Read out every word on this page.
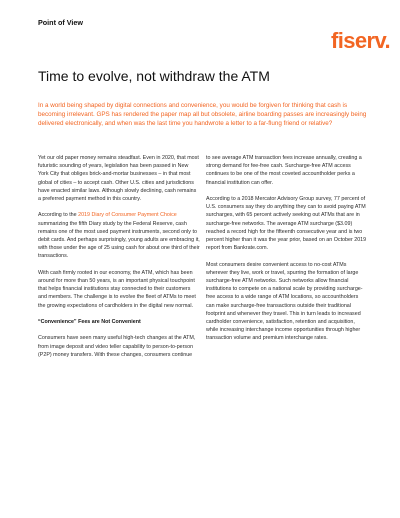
Point of View
fiserv.
Time to evolve, not withdraw the ATM

In a world being shaped by digital connections and convenience, you would be forgiven for thinking that cash is becoming irrelevant. GPS has rendered the paper map all but obsolete, airline boarding passes are increasingly being delivered electronically, and when was the last time you handwrote a letter to a far-flung friend or relative?

Yet our old paper money remains steadfast. Even in 2020, that most futuristic sounding of years, legislation has been passed in New York City that obliges brick-and-mortar businesses – in that most global of cities – to accept cash. Other U.S. cities and jurisdictions have enacted similar laws. Although slowly declining, cash remains a preferred payment method in this country.

According to the 2019 Diary of Consumer Payment Choice summarizing the fifth Diary study by the Federal Reserve, cash remains one of the most used payment instruments, second only to debit cards. And perhaps surprisingly, young adults are embracing it, with those under the age of 25 using cash for about one third of their transactions.

With cash firmly rooted in our economy, the ATM, which has been around for more than 50 years, is an important physical touchpoint that helps financial institutions stay connected to their customers and members. The challenge is to evolve the fleet of ATMs to meet the growing expectations of cardholders in the digital new normal.

“Convenience” Fees are Not Convenient

Consumers have seen many useful high-tech changes at the ATM, from image deposit and video teller capability to person-to-person (P2P) money transfers. With these changes, consumers continue

to see average ATM transaction fees increase annually, creating a strong demand for fee-free cash. Surcharge-free ATM access continues to be one of the most coveted accountholder perks a financial institution can offer.

According to a 2018 Mercator Advisory Group survey, 77 percent of U.S. consumers say they do anything they can to avoid paying ATM surcharges, with 65 percent actively seeking out ATMs that are in surcharge-free networks. The average ATM surcharge ($3.09) reached a record high for the fifteenth consecutive year and is two percent higher than it was the year prior, based on an October 2019 report from Bankrate.com.

Most consumers desire convenient access to no-cost ATMs wherever they live, work or travel, spurring the formation of large surcharge-free ATM networks. Such networks allow financial institutions to compete on a national scale by providing surcharge-free access to a wide range of ATM locations, so accountholders can make surcharge-free transactions outside their traditional footprint and whenever they travel. This in turn leads to increased cardholder convenience, satisfaction, retention and acquisition, while increasing interchange income opportunities through higher transaction volume and premium interchange rates.
